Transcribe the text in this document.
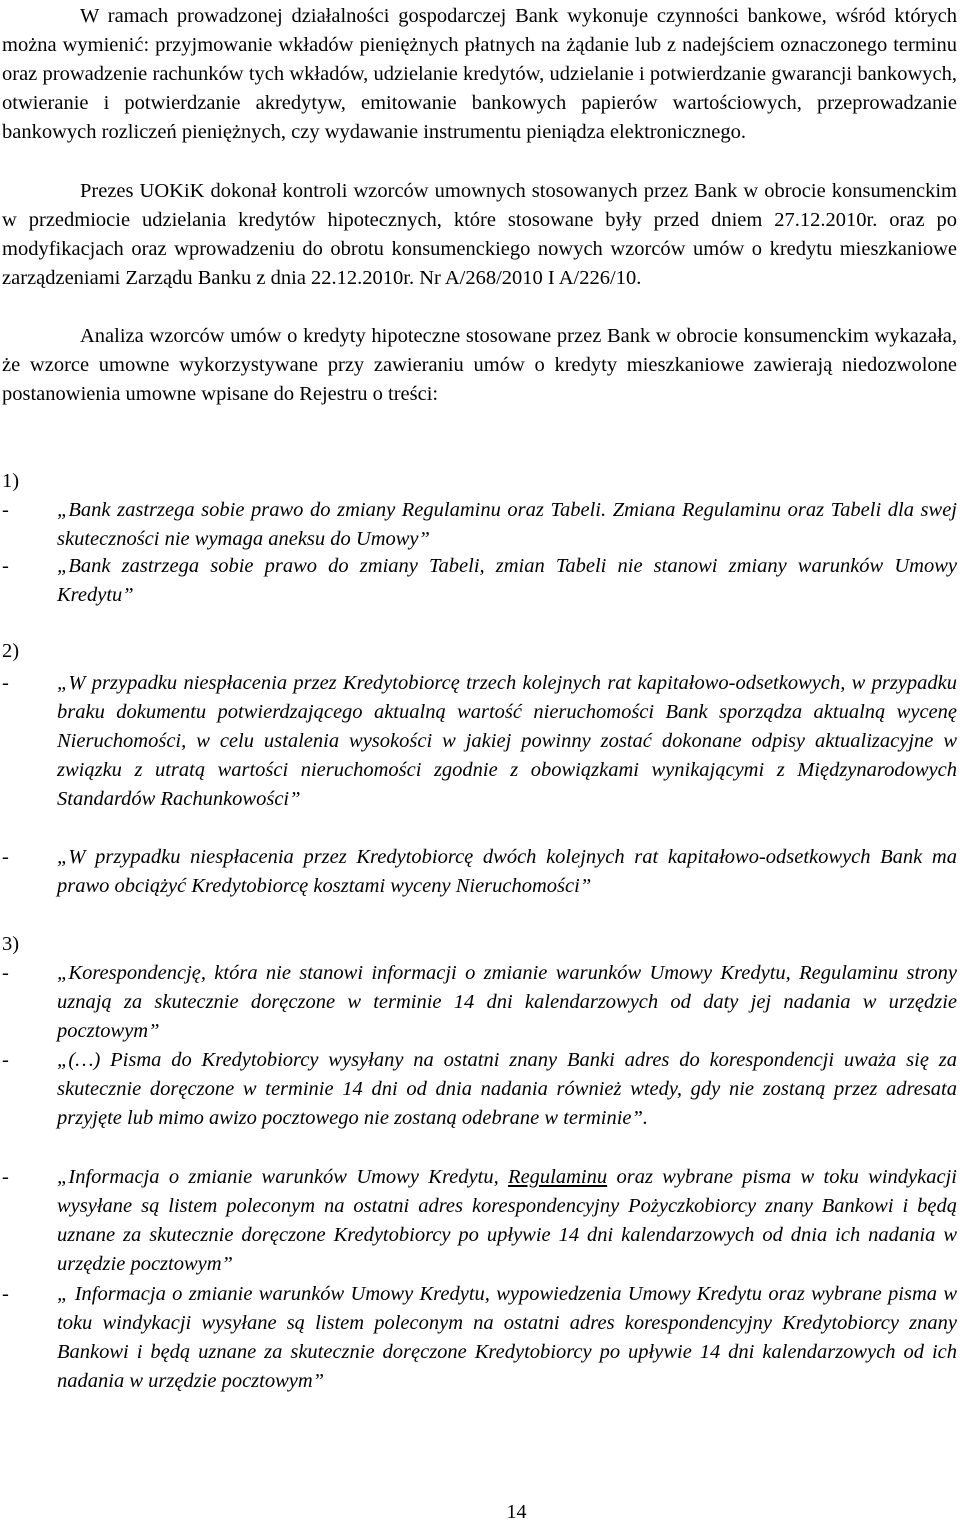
W ramach prowadzonej działalności gospodarczej Bank wykonuje czynności bankowe, wśród których można wymienić: przyjmowanie wkładów pieniężnych płatnych na żądanie lub z nadejściem oznaczonego terminu oraz prowadzenie rachunków tych wkładów, udzielanie kredytów, udzielanie i potwierdzanie gwarancji bankowych, otwieranie i potwierdzanie akredytyw, emitowanie bankowych papierów wartościowych, przeprowadzanie bankowych rozliczeń pieniężnych, czy wydawanie instrumentu pieniądza elektronicznego.

Prezes UOKiK dokonał kontroli wzorców umownych stosowanych przez Bank w obrocie konsumenckim w przedmiocie udzielania kredytów hipotecznych, które stosowane były przed dniem 27.12.2010r. oraz po modyfikacjach oraz wprowadzeniu do obrotu konsumenckiego nowych wzorców umów o kredytu mieszkaniowe zarządzeniami Zarządu Banku z dnia 22.12.2010r. Nr A/268/2010 I A/226/10.

Analiza wzorców umów o kredyty hipoteczne stosowane przez Bank w obrocie konsumenckim wykazała, że wzorce umowne wykorzystywane przy zawieraniu umów o kredyty mieszkaniowe zawierają niedozwolone postanowienia umowne wpisane do Rejestru o treści:

1)

- „Bank zastrzega sobie prawo do zmiany Regulaminu oraz Tabeli. Zmiana Regulaminu oraz Tabeli dla swej skuteczności nie wymaga aneksu do Umowy”
- „Bank zastrzega sobie prawo do zmiany Tabeli, zmian Tabeli nie stanowi zmiany warunków Umowy Kredytu”

2)

- „W przypadku niespłacenia przez Kredytobiorcę trzech kolejnych rat kapitałowo-odsetkowych, w przypadku braku dokumentu potwierdzającego aktualną wartość nieruchomości Bank sporządza aktualną wycenę Nieruchomości, w celu ustalenia wysokości w jakiej powinny zostać dokonane odpisy aktualizacyjne w związku z utratą wartości nieruchomości zgodnie z obowiązkami wynikającymi z Międzynarodowych Standardów Rachunkowości”
- „W przypadku niespłacenia przez Kredytobiorcę dwóch kolejnych rat kapitałowo-odsetkowych Bank ma prawo obciążyć Kredytobiorcę kosztami wyceny Nieruchomości”

3)

- „Korespondencję, która nie stanowi informacji o zmianie warunków Umowy Kredytu, Regulaminu strony uznają za skutecznie doręczone w terminie 14 dni kalendarzowych od daty jej nadania w urzędzie pocztowym”
- „(…) Pisma do Kredytobiorcy wysyłany na ostatni znany Banki adres do korespondencji uważa się za skutecznie doręczone w terminie 14 dni od dnia nadania również wtedy, gdy nie zostaną przez adresata przyjęte lub mimo awizo pocztowego nie zostaną odebrane w terminie”.
- „Informacja o zmianie warunków Umowy Kredytu, Regulaminu oraz wybrane pisma w toku windykacji wysyłane są listem poleconym na ostatni adres korespondencyjny Pożyczkobiorcy znany Bankowi i będą uznane za skutecznie doręczone Kredytobiorcy po upływie 14 dni kalendarzowych od dnia ich nadania w urzędzie pocztowym”
- „ Informacja o zmianie warunków Umowy Kredytu, wypowiedzenia Umowy Kredytu oraz wybrane pisma w toku windykacji wysyłane są listem poleconym na ostatni adres korespondencyjny Kredytobiorcy znany Bankowi i będą uznane za skutecznie doręczone Kredytobiorcy po upływie 14 dni kalendarzowych od ich nadania w urzędzie pocztowym”
14
